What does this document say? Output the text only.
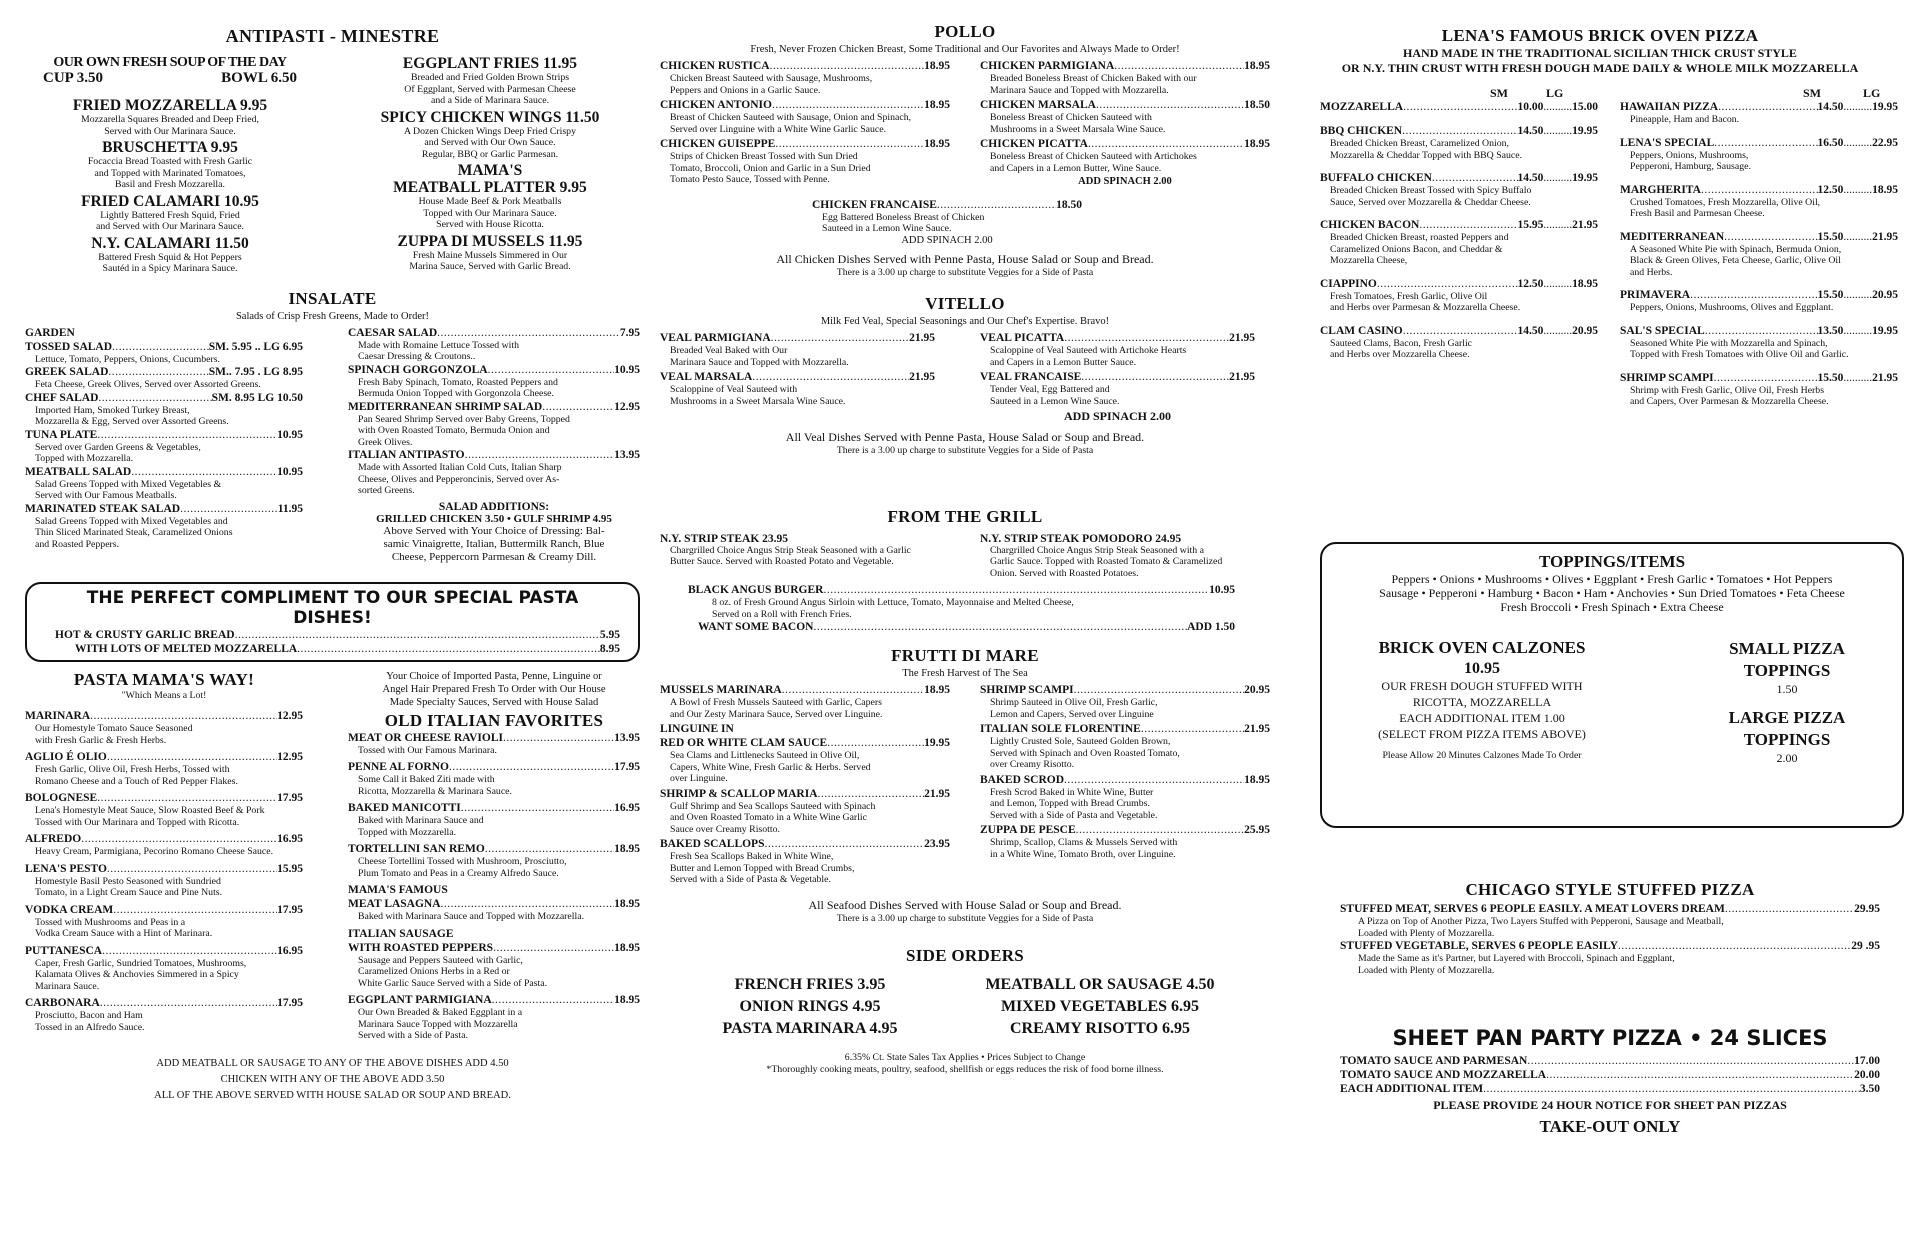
ANTIPASTI - MINESTRE
OUR OWN FRESH SOUP OF THE DAY
CUP 3.50	BOWL 6.50
FRIED MOZZARELLA 9.95
Mozzarella Squares Breaded and Deep Fried,
Served with Our Marinara Sauce.
BRUSCHETTA 9.95
Focaccia Bread Toasted with Fresh Garlic
and Topped with Marinated Tomatoes,
Basil and Fresh Mozzarella.
FRIED CALAMARI 10.95
Lightly Battered Fresh Squid, Fried
and Served with Our Marinara Sauce.
N.Y. CALAMARI 11.50
Battered Fresh Squid & Hot Peppers
Sautéd in a Spicy Marinara Sauce.
EGGPLANT FRIES 11.95
Breaded and Fried Golden Brown Strips
Of Eggplant, Served with Parmesan Cheese
and a Side of Marinara Sauce.
SPICY CHICKEN WINGS 11.50
A Dozen Chicken Wings Deep Fried Crispy
and Served with Our Own Sauce.
Regular, BBQ or Garlic Parmesan.
MAMA'S
MEATBALL PLATTER 9.95
House Made Beef & Pork Meatballs
Topped with Our Marinara Sauce.
Served with House Ricotta.
ZUPPA DI MUSSELS 11.95
Fresh Maine Mussels Simmered in Our
Marina Sauce, Served with Garlic Bread.
INSALATE
Salads of Crisp Fresh Greens, Made to Order!
GARDEN
TOSSED SALAD .....	SM. 5.95 .. LG 6.95
Lettuce, Tomato, Peppers, Onions, Cucumbers.
GREEK SALAD .....	SM.. 7.95 . LG 8.95
Feta Cheese, Greek Olives, Served over Assorted Greens.
CHEF SALAD .....	SM. 8.95 LG 10.50
Imported Ham, Smoked Turkey Breast,
Mozzarella & Egg, Served over Assorted Greens.
TUNA PLATE .....	10.95
Served over Garden Greens & Vegetables,
Topped with Mozzarella.
MEATBALL SALAD .....	10.95
Salad Greens Topped with Mixed Vegetables &
Served with Our Famous Meatballs.
MARINATED STEAK SALAD .....	11.95
Salad Greens Topped with Mixed Vegetables and
Thin Sliced Marinated Steak, Caramelized Onions
and Roasted Peppers.
CAESAR SALAD .....	7.95
Made with Romaine Lettuce Tossed with
Caesar Dressing & Croutons..
SPINACH GORGONZOLA .....	10.95
Fresh Baby Spinach, Tomato, Roasted Peppers and
Bermuda Onion Topped with Gorgonzola Cheese.
MEDITERRANEAN SHRIMP SALAD .....	12.95
Pan Seared Shrimp Served over Baby Greens, Topped
with Oven Roasted Tomato, Bermuda Onion and
Greek Olives.
ITALIAN ANTIPASTO .....	13.95
Made with Assorted Italian Cold Cuts, Italian Sharp
Cheese, Olives and Pepperoncinis, Served over As-
sorted Greens.
SALAD ADDITIONS:
GRILLED CHICKEN 3.50 • GULF SHRIMP 4.95
Above Served with Your Choice of Dressing: Bal-
samic Vinaigrette, Italian, Buttermilk Ranch, Blue
Cheese, Peppercorn Parmesan & Creamy Dill.
THE PERFECT COMPLIMENT TO OUR SPECIAL PASTA DISHES!
HOT & CRUSTY GARLIC BREAD .....	5.95
WITH LOTS OF MELTED MOZZARELLA .....	8.95
PASTA MAMA'S WAY!
"Which Means a Lot!
MARINARA .....	12.95
Our Homestyle Tomato Sauce Seasoned
with Fresh Garlic & Fresh Herbs.
AGLIO É OLIO .....	12.95
Fresh Garlic, Olive Oil, Fresh Herbs, Tossed with
Romano Cheese and a Touch of Red Pepper Flakes.
BOLOGNESE .....	17.95
Lena's Homestyle Meat Sauce, Slow Roasted Beef & Pork
Tossed with Our Marinara and Topped with Ricotta.
ALFREDO .....	16.95
Heavy Cream, Parmigiana, Pecorino Romano Cheese Sauce.
LENA'S PESTO .....	15.95
Homestyle Basil Pesto Seasoned with Sundried
Tomato, in a Light Cream Sauce and Pine Nuts.
VODKA CREAM .....	17.95
Tossed with Mushrooms and Peas in a
Vodka Cream Sauce with a Hint of Marinara.
PUTTANESCA .....	16.95
Caper, Fresh Garlic, Sundried Tomatoes, Mushrooms,
Kalamata Olives & Anchovies Simmered in a Spicy
Marinara Sauce.
CARBONARA .....	17.95
Prosciutto, Bacon and Ham
Tossed in an Alfredo Sauce.
Your Choice of Imported Pasta, Penne, Linguine or
Angel Hair Prepared Fresh To Order with Our House
Made Specialty Sauces, Served with House Salad
OLD ITALIAN FAVORITES
MEAT OR CHEESE RAVIOLI .....	13.95
Tossed with Our Famous Marinara.
PENNE AL FORNO .....	17.95
Some Call it Baked Ziti made with
Ricotta, Mozzarella & Marinara Sauce.
BAKED MANICOTTI .....	16.95
Baked with Marinara Sauce and
Topped with Mozzarella.
TORTELLINI SAN REMO .....	18.95
Cheese Tortellini Tossed with Mushroom, Prosciutto,
Plum Tomato and Peas in a Creamy Alfredo Sauce.
MAMA'S FAMOUS
MEAT LASAGNA .....	18.95
Baked with Marinara Sauce and Topped with Mozzarella.
ITALIAN SAUSAGE
WITH ROASTED PEPPERS .....	18.95
Sausage and Peppers Sauteed with Garlic,
Caramelized Onions Herbs in a Red or
White Garlic Sauce Served with a Side of Pasta.
EGGPLANT PARMIGIANA .....	18.95
Our Own Breaded & Baked Eggplant in a
Marinara Sauce Topped with Mozzarella
Served with a Side of Pasta.
ADD MEATBALL OR SAUSAGE TO ANY OF THE ABOVE DISHES ADD 4.50
CHICKEN WITH ANY OF THE ABOVE ADD 3.50
ALL OF THE ABOVE SERVED WITH HOUSE SALAD OR SOUP AND BREAD.
POLLO
Fresh, Never Frozen Chicken Breast, Some Traditional and Our Favorites and Always Made to Order!
CHICKEN RUSTICA .....	18.95
Chicken Breast Sauteed with Sausage, Mushrooms,
Peppers and Onions in a Garlic Sauce.
CHICKEN ANTONIO .....	18.95
Breast of Chicken Sauteed with Sausage, Onion and Spinach,
Served over Linguine with a White Wine Garlic Sauce.
CHICKEN GUISEPPE .....	18.95
Strips of Chicken Breast Tossed with Sun Dried
Tomato, Broccoli, Onion and Garlic in a Sun Dried
Tomato Pesto Sauce, Tossed with Penne.
CHICKEN PARMIGIANA .....	18.95
Breaded Boneless Breast of Chicken Baked with our
Marinara Sauce and Topped with Mozzarella.
CHICKEN MARSALA .....	18.50
Boneless Breast of Chicken Sauteed with
Mushrooms in a Sweet Marsala Wine Sauce.
CHICKEN PICATTA .....	18.95
Boneless Breast of Chicken Sauteed with Artichokes
and Capers in a Lemon Butter, Wine Sauce.
ADD SPINACH 2.00
CHICKEN FRANCAISE .....	18.50
Egg Battered Boneless Breast of Chicken
Sauteed in a Lemon Wine Sauce.
ADD SPINACH 2.00
All Chicken Dishes Served with Penne Pasta, House Salad or Soup and Bread.
There is a 3.00 up charge to substitute Veggies for a Side of Pasta
VITELLO
Milk Fed Veal, Special Seasonings and Our Chef's Expertise. Bravo!
VEAL PARMIGIANA .....	21.95
Breaded Veal Baked with Our
Marinara Sauce and Topped with Mozzarella.
VEAL MARSALA .....	21.95
Scaloppine of Veal Sauteed with
Mushrooms in a Sweet Marsala Wine Sauce.
VEAL PICATTA .....	21.95
Scaloppine of Veal Sauteed with Artichoke Hearts
and Capers in a Lemon Butter Sauce.
VEAL FRANCAISE .....	21.95
Tender Veal, Egg Battered and
Sauteed in a Lemon Wine Sauce.
ADD SPINACH 2.00
All Veal Dishes Served with Penne Pasta, House Salad or Soup and Bread.
There is a 3.00 up charge to substitute Veggies for a Side of Pasta
FROM THE GRILL
N.Y. STRIP STEAK 23.95
Chargrilled Choice Angus Strip Steak Seasoned with a Garlic
Butter Sauce. Served with Roasted Potato and Vegetable.
N.Y. STRIP STEAK POMODORO 24.95
Chargrilled Choice Angus Strip Steak Seasoned with a
Garlic Sauce. Topped with Roasted Tomato & Caramelized
Onion. Served with Roasted Potatoes.
BLACK ANGUS BURGER .....	10.95
8 oz. of Fresh Ground Angus Sirloin with Lettuce, Tomato, Mayonnaise and Melted Cheese,
Served on a Roll with French Fries.
WANT SOME BACON .....	ADD 1.50
FRUTTI DI MARE
The Fresh Harvest of The Sea
MUSSELS MARINARA .....	18.95
A Bowl of Fresh Mussels Sauteed with Garlic, Capers
and Our Zesty Marinara Sauce, Served over Linguine.
LINGUINE IN
RED OR WHITE CLAM SAUCE .....	19.95
Sea Clams and Littlenecks Sauteed in Olive Oil,
Capers, White Wine, Fresh Garlic & Herbs. Served
over Linguine.
SHRIMP & SCALLOP MARIA .....	21.95
Gulf Shrimp and Sea Scallops Sauteed with Spinach
and Oven Roasted Tomato in a White Wine Garlic
Sauce over Creamy Risotto.
BAKED SCALLOPS .....	23.95
Fresh Sea Scallops Baked in White Wine,
Butter and Lemon Topped with Bread Crumbs,
Served with a Side of Pasta & Vegetable.
SHRIMP SCAMPI .....	20.95
Shrimp Sauteed in Olive Oil, Fresh Garlic,
Lemon and Capers, Served over Linguine
ITALIAN SOLE FLORENTINE .....	21.95
Lightly Crusted Sole, Sauteed Golden Brown,
Served with Spinach and Oven Roasted Tomato,
over Creamy Risotto.
BAKED SCROD .....	18.95
Fresh Scrod Baked in White Wine, Butter
and Lemon, Topped with Bread Crumbs.
Served with a Side of Pasta and Vegetable.
ZUPPA DE PESCE .....	25.95
Shrimp, Scallop, Clams & Mussels Served with
in a White Wine, Tomato Broth, over Linguine.
All Seafood Dishes Served with House Salad or Soup and Bread.
There is a 3.00 up charge to substitute Veggies for a Side of Pasta
SIDE ORDERS
FRENCH FRIES 3.95
ONION RINGS 4.95
PASTA MARINARA 4.95
MEATBALL OR SAUSAGE 4.50
MIXED VEGETABLES 6.95
CREAMY RISOTTO 6.95
6.35% Ct. State Sales Tax Applies • Prices Subject to Change
*Thoroughly cooking meats, poultry, seafood, shellfish or eggs reduces the risk of food borne illness.
LENA'S FAMOUS BRICK OVEN PIZZA
HAND MADE IN THE TRADITIONAL SICILIAN THICK CRUST STYLE
OR N.Y. THIN CRUST WITH FRESH DOUGH MADE DAILY & WHOLE MILK MOZZARELLA
SM	LG
MOZZARELLA .....	10.00 .......... 15.00
BBQ CHICKEN .....	14.50 .......... 19.95
Breaded Chicken Breast, Caramelized Onion,
Mozzarella & Cheddar Topped with BBQ Sauce.
BUFFALO CHICKEN .....	14.50 .......... 19.95
Breaded Chicken Breast Tossed with Spicy Buffalo
Sauce, Served over Mozzarella & Cheddar Cheese.
CHICKEN BACON .....	15.95 .......... 21.95
Breaded Chicken Breast, roasted Peppers and
Caramelized Onions Bacon, and Cheddar &
Mozzarella Cheese,
CIAPPINO .....	12.50 .......... 18.95
Fresh Tomatoes, Fresh Garlic, Olive Oil
and Herbs over Parmesan & Mozzarella Cheese.
CLAM CASINO .....	14.50 .......... 20.95
Sauteed Clams, Bacon, Fresh Garlic
and Herbs over Mozzarella Cheese.
SM	LG
HAWAIIAN PIZZA .....	14.50 .......... 19.95
Pineapple, Ham and Bacon.
LENA'S SPECIAL .....	16.50 .......... 22.95
Peppers, Onions, Mushrooms,
Pepperoni, Hamburg, Sausage.
MARGHERITA .....	12.50 .......... 18.95
Crushed Tomatoes, Fresh Mozzarella, Olive Oil,
Fresh Basil and Parmesan Cheese.
MEDITERRANEAN .....	15.50 .......... 21.95
A Seasoned White Pie with Spinach, Bermuda Onion,
Black & Green Olives, Feta Cheese, Garlic, Olive Oil
and Herbs.
PRIMAVERA .....	15.50 .......... 20.95
Peppers, Onions, Mushrooms, Olives and Eggplant.
SAL'S SPECIAL .....	13.50 .......... 19.95
Seasoned White Pie with Mozzarella and Spinach,
Topped with Fresh Tomatoes with Olive Oil and Garlic.
SHRIMP SCAMPI .....	15.50 .......... 21.95
Shrimp with Fresh Garlic, Olive Oil, Fresh Herbs
and Capers, Over Parmesan & Mozzarella Cheese.
TOPPINGS/ITEMS
Peppers • Onions • Mushrooms • Olives • Eggplant • Fresh Garlic • Tomatoes • Hot Peppers
Sausage • Pepperoni • Hamburg • Bacon • Ham • Anchovies • Sun Dried Tomatoes • Feta Cheese
Fresh Broccoli • Fresh Spinach • Extra Cheese
BRICK OVEN CALZONES
10.95
OUR FRESH DOUGH STUFFED WITH
RICOTTA, MOZZARELLA
EACH ADDITIONAL ITEM 1.00
(SELECT FROM PIZZA ITEMS ABOVE)
Please Allow 20 Minutes Calzones Made To Order
SMALL PIZZA
TOPPINGS
1.50
LARGE PIZZA
TOPPINGS
2.00
CHICAGO STYLE STUFFED PIZZA
STUFFED MEAT, SERVES 6 PEOPLE EASILY. A MEAT LOVERS DREAM .....	29.95
A Pizza on Top of Another Pizza, Two Layers Stuffed with Pepperoni, Sausage and Meatball,
Loaded with Plenty of Mozzarella.
STUFFED VEGETABLE, SERVES 6 PEOPLE EASILY .....	29 .95
Made the Same as it's Partner, but Layered with Broccoli, Spinach and Eggplant,
Loaded with Plenty of Mozzarella.
SHEET PAN PARTY PIZZA • 24 SLICES
TOMATO SAUCE AND PARMESAN .....	17.00
TOMATO SAUCE AND MOZZARELLA .....	20.00
EACH ADDITIONAL ITEM .....	3.50
PLEASE PROVIDE 24 HOUR NOTICE FOR SHEET PAN PIZZAS
TAKE-OUT ONLY
